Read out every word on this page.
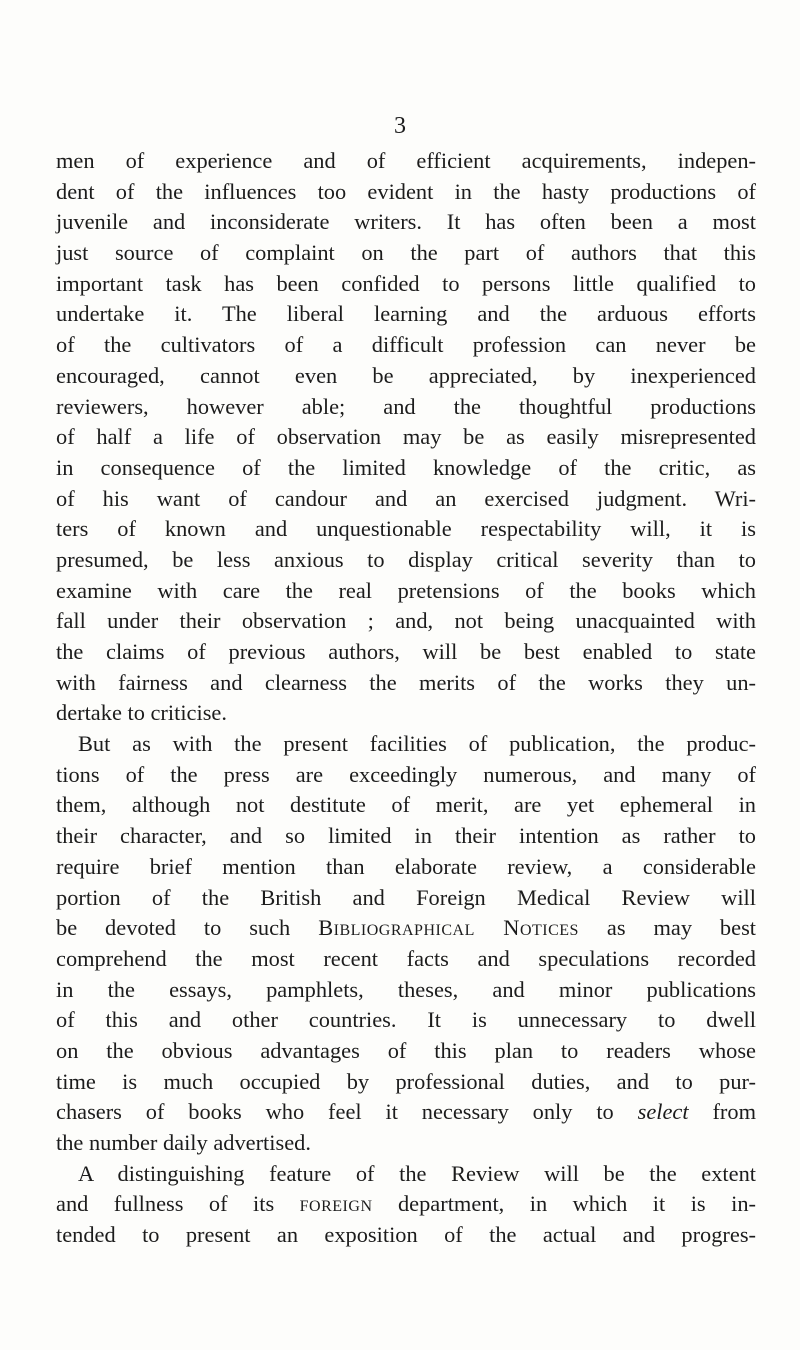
3
men of experience and of efficient acquirements, indepen-
dent of the influences too evident in the hasty productions of
juvenile and inconsiderate writers. It has often been a most
just source of complaint on the part of authors that this
important task has been confided to persons little qualified to
undertake it. The liberal learning and the arduous efforts
of the cultivators of a difficult profession can never be
encouraged, cannot even be appreciated, by inexperienced
reviewers, however able; and the thoughtful productions
of half a life of observation may be as easily misrepresented
in consequence of the limited knowledge of the critic, as
of his want of candour and an exercised judgment. Wri-
ters of known and unquestionable respectability will, it is
presumed, be less anxious to display critical severity than to
examine with care the real pretensions of the books which
fall under their observation ; and, not being unacquainted with
the claims of previous authors, will be best enabled to state
with fairness and clearness the merits of the works they un-
dertake to criticise.
But as with the present facilities of publication, the produc-
tions of the press are exceedingly numerous, and many of
them, although not destitute of merit, are yet ephemeral in
their character, and so limited in their intention as rather to
require brief mention than elaborate review, a considerable
portion of the British and Foreign Medical Review will
be devoted to such Bibliographical Notices as may best
comprehend the most recent facts and speculations recorded
in the essays, pamphlets, theses, and minor publications
of this and other countries. It is unnecessary to dwell
on the obvious advantages of this plan to readers whose
time is much occupied by professional duties, and to pur-
chasers of books who feel it necessary only to select from
the number daily advertised.
A distinguishing feature of the Review will be the extent
and fullness of its foreign department, in which it is in-
tended to present an exposition of the actual and progres-
